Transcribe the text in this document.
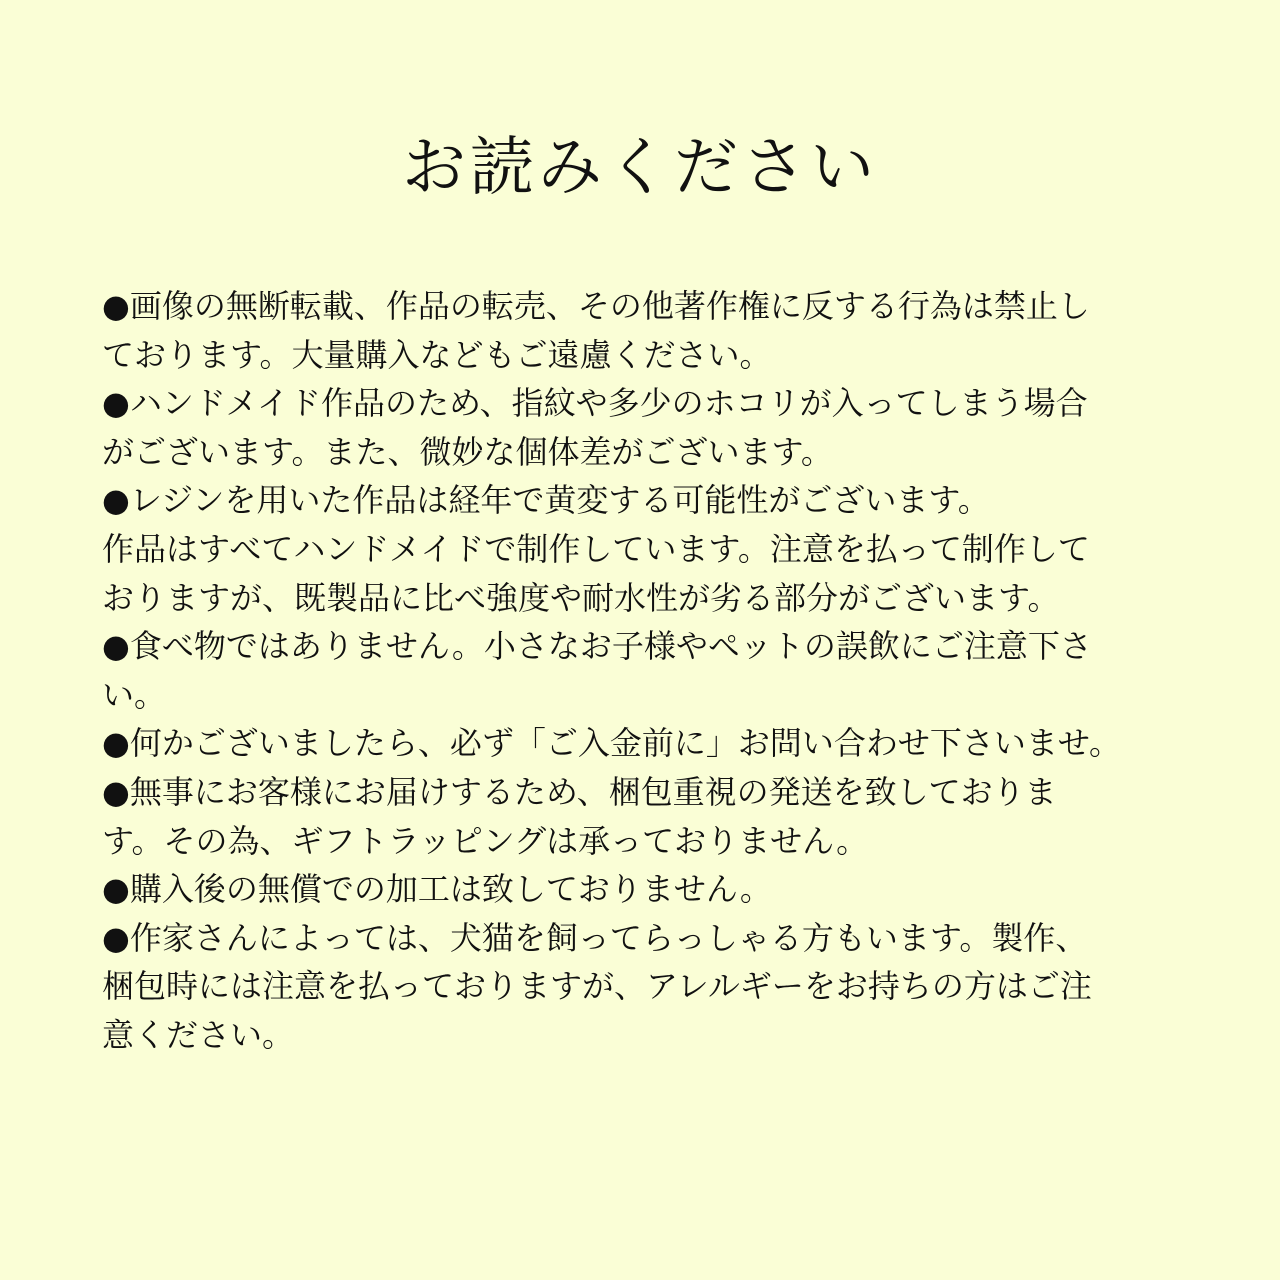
お読みください
●画像の無断転載、作品の転売、その他著作権に反する行為は禁止し
ております。大量購入などもご遠慮ください。
●ハンドメイド作品のため、指紋や多少のホコリが入ってしまう場合
がございます。また、微妙な個体差がございます。
●レジンを用いた作品は経年で黄変する可能性がございます。
作品はすべてハンドメイドで制作しています。注意を払って制作して
おりますが、既製品に比べ強度や耐水性が劣る部分がございます。
●食べ物ではありません。小さなお子様やペットの誤飲にご注意下さ
い。
●何かございましたら、必ず「ご入金前に」お問い合わせ下さいませ。
●無事にお客様にお届けするため、梱包重視の発送を致しておりま
す。その為、ギフトラッピングは承っておりません。
●購入後の無償での加工は致しておりません。
●作家さんによっては、犬猫を飼ってらっしゃる方もいます。製作、
梱包時には注意を払っておりますが、アレルギーをお持ちの方はご注
意ください。
